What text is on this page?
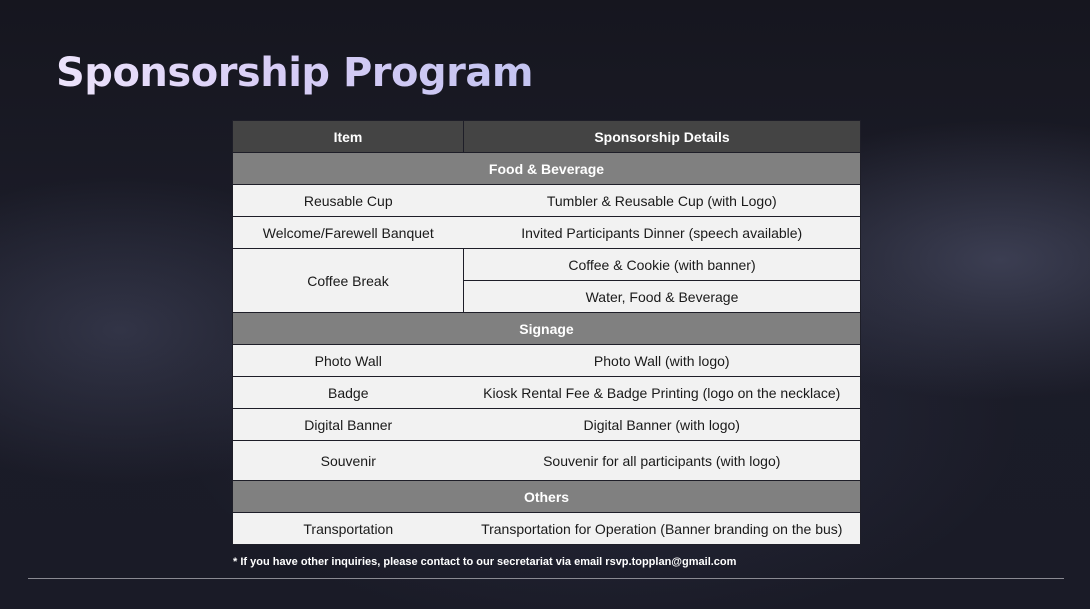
Sponsorship Program
Item	Sponsorship Details
Food & Beverage	
Reusable Cup	Tumbler & Reusable Cup (with Logo)
Welcome/Farewell Banquet	Invited Participants Dinner (speech available)
Coffee Break	Coffee & Cookie (with banner)
	Water, Food & Beverage
Signage	
Photo Wall	Photo Wall (with logo)
Badge	Kiosk Rental Fee & Badge Printing (logo on the necklace)
Digital Banner	Digital Banner (with logo)
Souvenir	Souvenir for all participants (with logo)
Others	
Transportation	Transportation for Operation (Banner branding on the bus)

* If you have other inquiries, please contact to our secretariat via email rsvp.topplan@gmail.com
